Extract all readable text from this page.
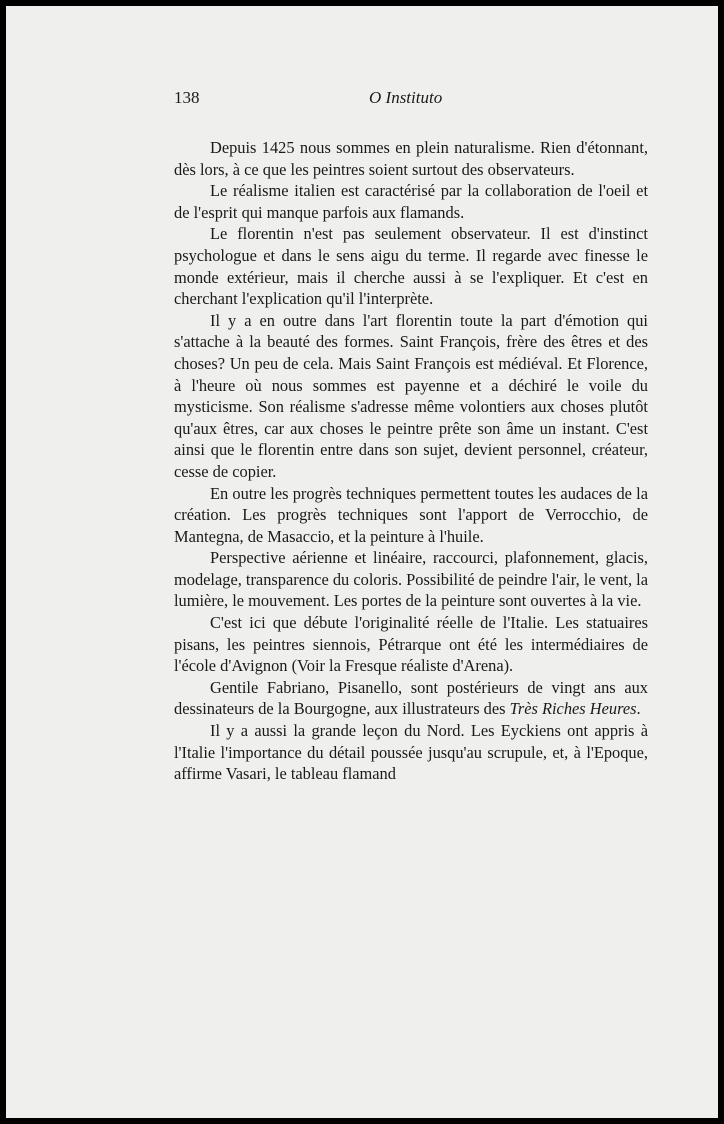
138	O Instituto

Depuis 1425 nous sommes en plein naturalisme. Rien d'étonnant, dès lors, à ce que les peintres soient surtout des observateurs.

Le réalisme italien est caractérisé par la collaboration de l'oeil et de l'esprit qui manque parfois aux flamands.

Le florentin n'est pas seulement observateur. Il est d'instinct psychologue et dans le sens aigu du terme. Il regarde avec finesse le monde extérieur, mais il cherche aussi à se l'expliquer. Et c'est en cherchant l'explication qu'il l'interprète.

Il y a en outre dans l'art florentin toute la part d'émotion qui s'attache à la beauté des formes. Saint François, frère des êtres et des choses? Un peu de cela. Mais Saint François est médiéval. Et Florence, à l'heure où nous sommes est payenne et a déchiré le voile du mysticisme. Son réalisme s'adresse même volontiers aux choses plutôt qu'aux êtres, car aux choses le peintre prête son âme un instant. C'est ainsi que le florentin entre dans son sujet, devient personnel, créateur, cesse de copier.

En outre les progrès techniques permettent toutes les audaces de la création. Les progrès techniques sont l'apport de Verrocchio, de Mantegna, de Masaccio, et la peinture à l'huile.

Perspective aérienne et linéaire, raccourci, plafonnement, glacis, modelage, transparence du coloris. Possibilité de peindre l'air, le vent, la lumière, le mouvement. Les portes de la peinture sont ouvertes à la vie.

C'est ici que débute l'originalité réelle de l'Italie. Les statuaires pisans, les peintres siennois, Pétrarque ont été les intermédiaires de l'école d'Avignon (Voir la Fresque réaliste d'Arena).

Gentile Fabriano, Pisanello, sont postérieurs de vingt ans aux dessinateurs de la Bourgogne, aux illustrateurs des Très Riches Heures.

Il y a aussi la grande leçon du Nord. Les Eyckiens ont appris à l'Italie l'importance du détail poussée jusqu'au scrupule, et, à l'Epoque, affirme Vasari, le tableau flamand
